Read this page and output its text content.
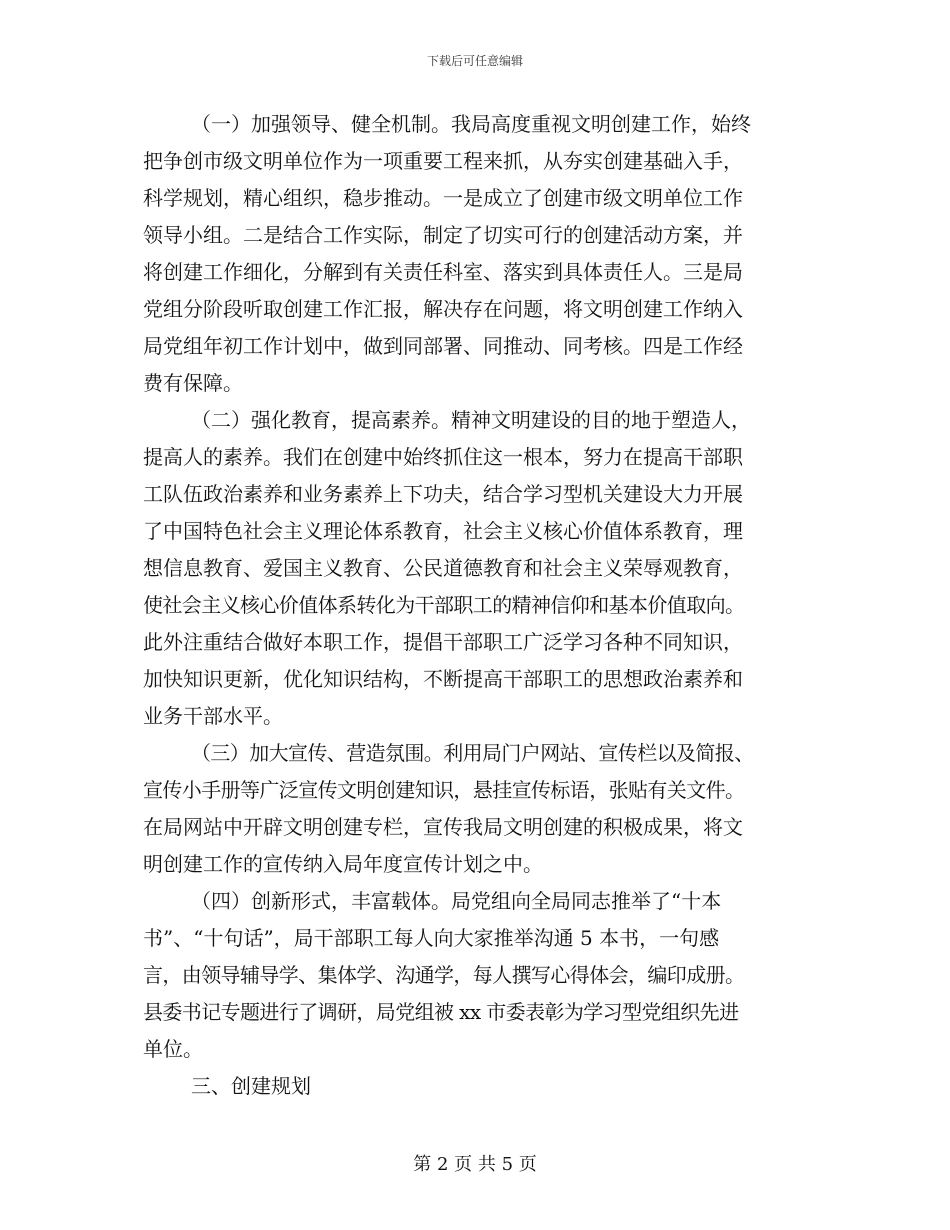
下载后可任意编辑

（一）加强领导、健全机制。我局高度重视文明创建工作，始终
把争创市级文明单位作为一项重要工程来抓，从夯实创建基础入手，
科学规划，精心组织，稳步推动。一是成立了创建市级文明单位工作
领导小组。二是结合工作实际，制定了切实可行的创建活动方案，并
将创建工作细化，分解到有关责任科室、落实到具体责任人。三是局
党组分阶段听取创建工作汇报，解决存在问题，将文明创建工作纳入
局党组年初工作计划中，做到同部署、同推动、同考核。四是工作经
费有保障。

（二）强化教育，提高素养。精神文明建设的目的地于塑造人，
提高人的素养。我们在创建中始终抓住这一根本，努力在提高干部职
工队伍政治素养和业务素养上下功夫，结合学习型机关建设大力开展
了中国特色社会主义理论体系教育，社会主义核心价值体系教育，理
想信息教育、爱国主义教育、公民道德教育和社会主义荣辱观教育，
使社会主义核心价值体系转化为干部职工的精神信仰和基本价值取向。
此外注重结合做好本职工作，提倡干部职工广泛学习各种不同知识，
加快知识更新，优化知识结构，不断提高干部职工的思想政治素养和
业务干部水平。

（三）加大宣传、营造氛围。利用局门户网站、宣传栏以及简报、
宣传小手册等广泛宣传文明创建知识，悬挂宣传标语，张贴有关文件。
在局网站中开辟文明创建专栏，宣传我局文明创建的积极成果，将文
明创建工作的宣传纳入局年度宣传计划之中。

（四）创新形式，丰富载体。局党组向全局同志推举了“十本
书”、“十句话”，局干部职工每人向大家推举沟通 5 本书，一句感
言，由领导辅导学、集体学、沟通学，每人撰写心得体会，编印成册。
县委书记专题进行了调研，局党组被 xx 市委表彰为学习型党组织先进
单位。

三、创建规划

第 2 页 共 5 页
